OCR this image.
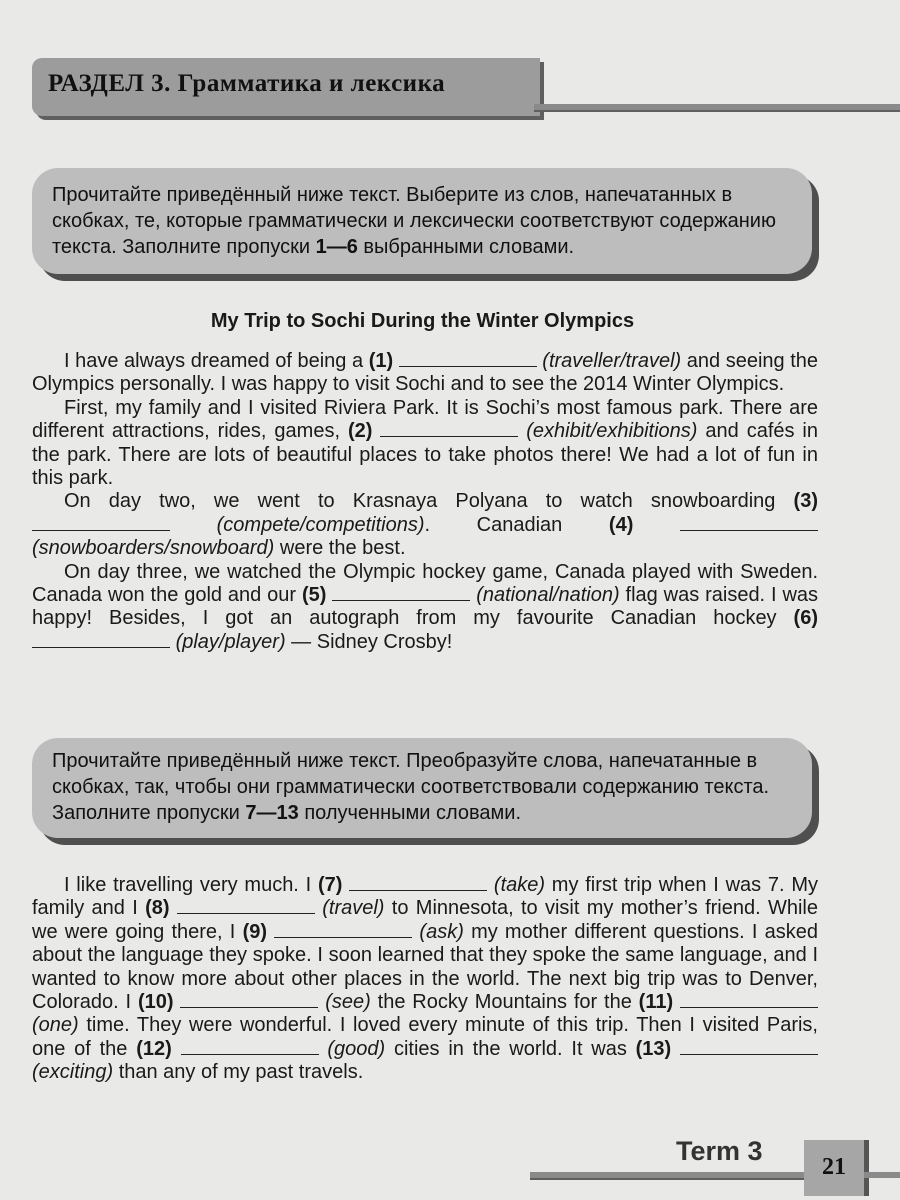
РАЗДЕЛ 3. Грамматика и лексика

Прочитайте приведённый ниже текст. Выберите из слов, напечатанных в скобках, те, которые грамматически и лексически соответствуют содержанию текста. Заполните пропуски 1—6 выбранными словами.

My Trip to Sochi During the Winter Olympics

I have always dreamed of being a (1)	(traveller/travel) and seeing the Olympics personally. I was happy to visit Sochi and to see the 2014 Winter Olympics.

First, my family and I visited Riviera Park. It is Sochi’s most famous park. There are different attractions, rides, games, (2)	(exhibit/exhibitions) and cafés in the park. There are lots of beautiful places to take photos there! We had a lot of fun in this park.

On day two, we went to Krasnaya Polyana to watch snowboarding (3)  (compete/competitions). Canadian (4)  (snowboarders/snowboard) were the best.

On day three, we watched the Olympic hockey game, Canada played with Sweden. Canada won the gold and our (5)	(national/nation) flag was raised. I was happy! Besides, I got an autograph from my favourite Canadian hockey (6)  (play/player) — Sidney Crosby!

Прочитайте приведённый ниже текст. Преобразуйте слова, напечатанные в скобках, так, чтобы они грамматически соответствовали содержанию текста. Заполните пропуски 7—13 полученными словами.

I like travelling very much. I (7)	(take) my first trip when I was 7. My family and I (8)	(travel) to Minnesota, to visit my mother’s friend. While we were going there, I (9)	(ask) my mother different questions. I asked about the language they spoke. I soon learned that they spoke the same language, and I wanted to know more about other places in the world. The next big trip was to Denver, Colorado. I (10)	(see) the Rocky Mountains for the (11)  (one) time. They were wonderful. I loved every minute of this trip. Then I visited Paris, one of the (12)	(good) cities in the world. It was (13)  (exciting) than any of my past travels.

Term 3
21
